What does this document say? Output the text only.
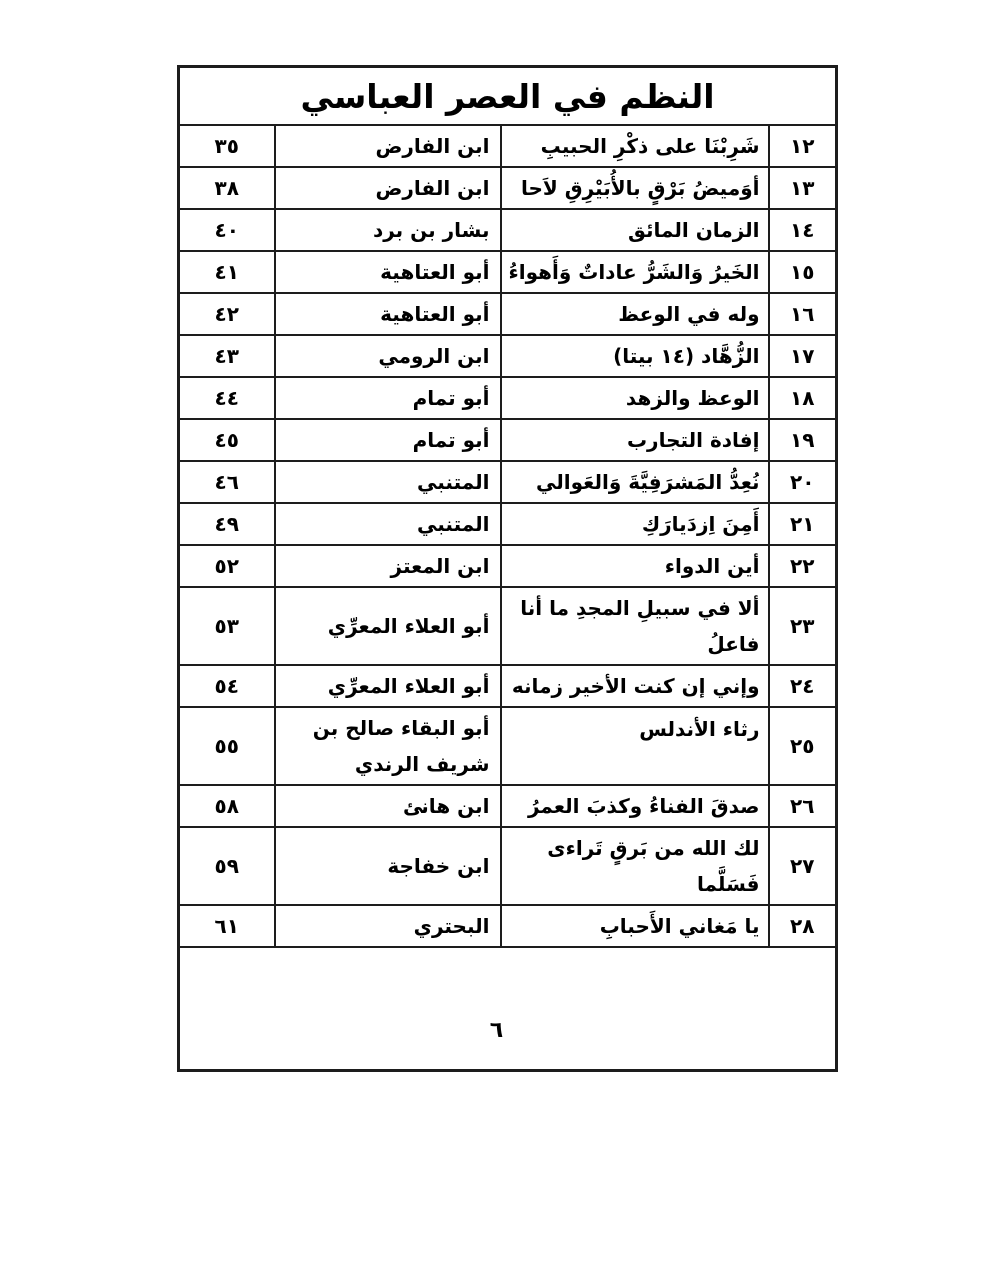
النظم في العصر العباسي			
١٢	شَرِبْنَا على ذكْرِ الحبيبِ	ابن الفارض	٣٥
١٣	أوَميضُ بَرْقٍ بالأُبَيْرِقِ لاَحا	ابن الفارض	٣٨
١٤	الزمان المائق	بشار بن برد	٤٠
١٥	الخَيرُ وَالشَرُّ عاداتٌ وَأَهواءُ	أبو العتاهية	٤١
١٦	وله في الوعظ	أبو العتاهية	٤٢
١٧	الزُّهَّاد (١٤ بيتا)	ابن الرومي	٤٣
١٨	الوعظ والزهد	أبو تمام	٤٤
١٩	إفادة التجارب	أبو تمام	٤٥
٢٠	نُعِدُّ المَشرَفِيَّةَ وَالعَوالي	المتنبي	٤٦
٢١	أَمِنَ اِزدَيارَكِ	المتنبي	٤٩
٢٢	أين الدواء	ابن المعتز	٥٢
٢٣	ألا في سبيلِ المجدِ ما أنا فاعلُ	أبو العلاء المعرِّي	٥٣
٢٤	وإني إن كنت الأخير زمانه	أبو العلاء المعرِّي	٥٤
٢٥	رثاء الأندلس	أبو البقاء صالح بن شريف الرندي	٥٥
٢٦	صدقَ الفناءُ وكذبَ العمرُ	ابن هانئ	٥٨
٢٧	لك الله من بَرقٍ تَراءى فَسَلَّما	ابن خفاجة	٥٩
٢٨	يا مَغاني الأَحبابِ	البحتري	٦١

٦
